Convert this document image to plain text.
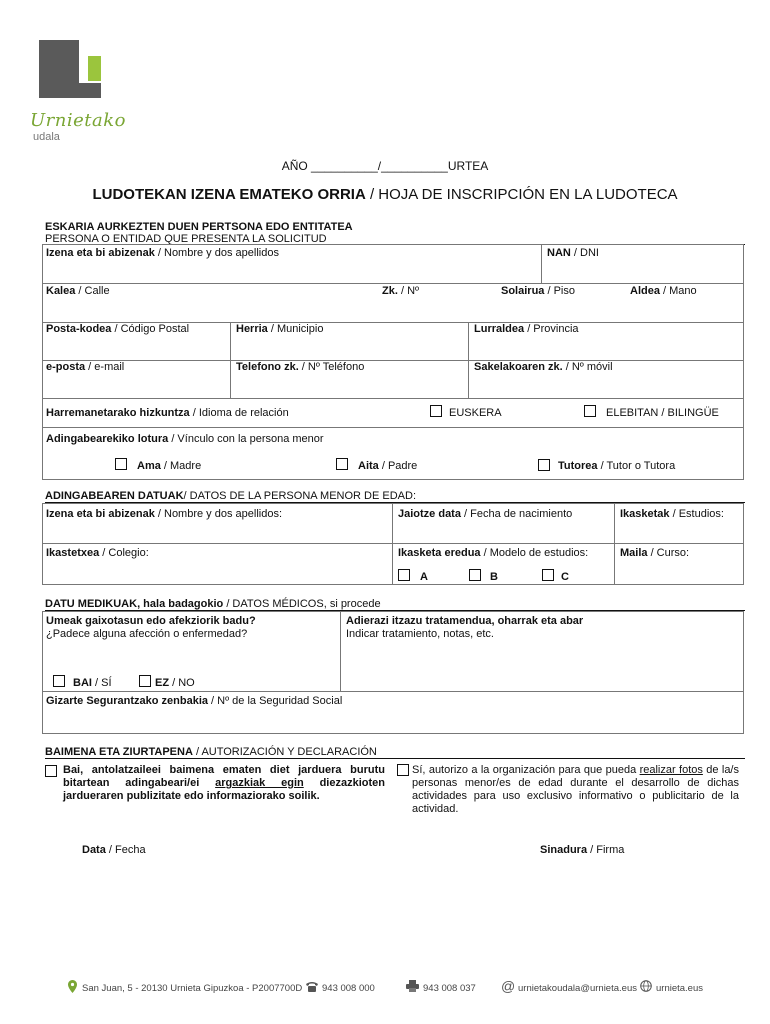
Urnietako
udala
AÑO __________/__________URTEA
LUDOTEKAN IZENA EMATEKO ORRIA / HOJA DE INSCRIPCIÓN EN LA LUDOTECA
ESKARIA AURKEZTEN DUEN PERTSONA EDO ENTITATEA
PERSONA O ENTIDAD QUE PRESENTA LA SOLICITUD
Izena eta bi abizenak / Nombre y dos apellidos	NAN / DNI
Kalea / Calle	Zk. / Nº	Solairua / Piso	Aldea / Mano
Posta-kodea / Código Postal	Herria / Municipio	Lurraldea / Provincia
e-posta / e-mail	Telefono zk. / Nº Teléfono	Sakelakoaren zk. / Nº móvil
Harremanetarako hizkuntza / Idioma de relación	EUSKERA	ELEBITAN / BILINGÜE
Adingabearekiko lotura / Vínculo con la persona menor
Ama / Madre	Aita / Padre	Tutorea / Tutor o Tutora
ADINGABEAREN DATUAK/ DATOS DE LA PERSONA MENOR DE EDAD:
Izena eta bi abizenak / Nombre y dos apellidos:	Jaiotze data / Fecha de nacimiento	Ikasketak / Estudios:
Ikastetxea / Colegio:	Ikasketa eredua / Modelo de estudios:	Maila / Curso:
A	B	C
DATU MEDIKUAK, hala badagokio / DATOS MÉDICOS, si procede
Umeak gaixotasun edo afekziorik badu?
¿Padece alguna afección o enfermedad?
Adierazi itzazu tratamendua, oharrak eta abar
Indicar tratamiento, notas, etc.
BAI / SÍ	EZ / NO
Gizarte Segurantzako zenbakia / Nº de la Seguridad Social
BAIMENA ETA ZIURTAPENA / AUTORIZACIÓN Y DECLARACIÓN
Bai, antolatzaileei baimena ematen diet jarduera burutu bitartean adingabeari/ei argazkiak egin diezazkioten jardueraren publizitate edo informaziorako soilik.
Sí, autorizo a la organización para que pueda realizar fotos de la/s personas menor/es de edad durante el desarrollo de dichas actividades para uso exclusivo informativo o publicitario de la actividad.
Data / Fecha	Sinadura / Firma
San Juan, 5 - 20130 Urnieta Gipuzkoa - P2007700D 943 008 000	943 008 037 @ urnietakoudala@urnieta.eus urnieta.eus
